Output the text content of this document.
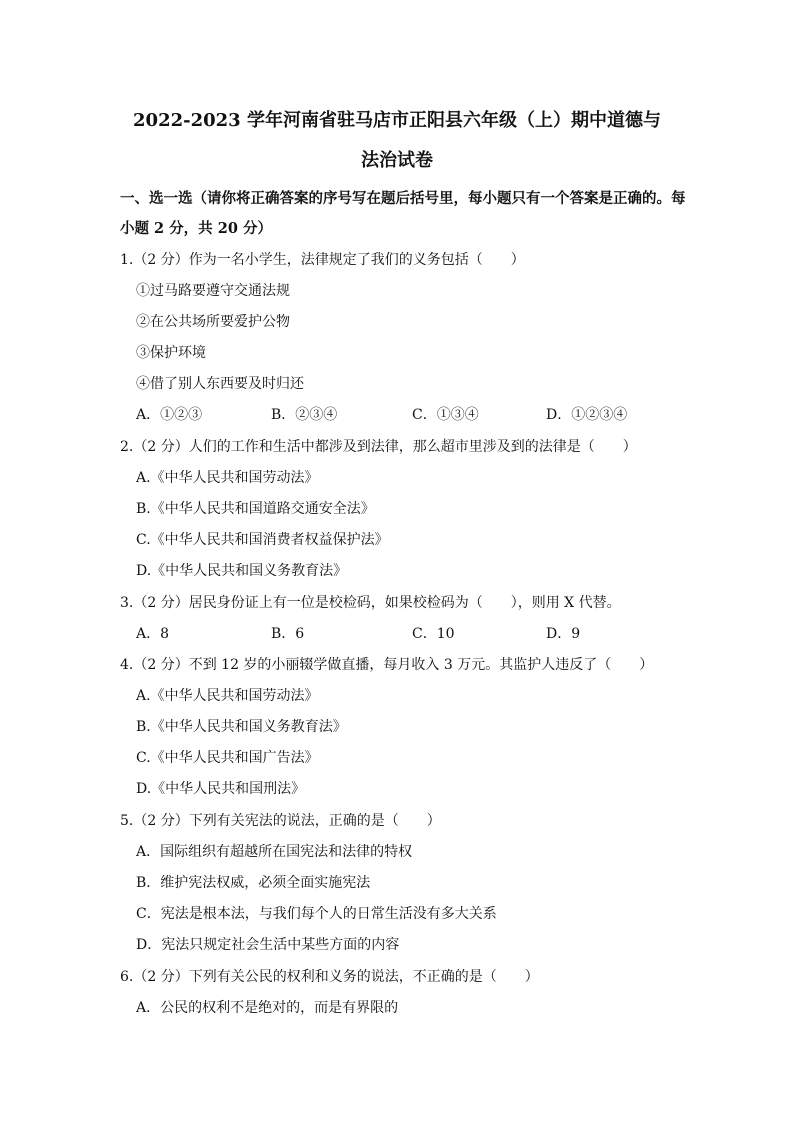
2022-2023 学年河南省驻马店市正阳县六年级（上）期中道德与
法治试卷
一、选一选（请你将正确答案的序号写在题后括号里，每小题只有一个答案是正确的。每
小题 2 分，共 20 分）
1.（2 分）作为一名小学生，法律规定了我们的义务包括（　　）
①过马路要遵守交通法规
②在公共场所要爱护公物
③保护环境
④借了别人东西要及时归还
A．①②③	B．②③④	C．①③④	D．①②③④
2.（2 分）人们的工作和生活中都涉及到法律，那么超市里涉及到的法律是（　　）
A.《中华人民共和国劳动法》
B.《中华人民共和国道路交通安全法》
C.《中华人民共和国消费者权益保护法》
D.《中华人民共和国义务教育法》
3.（2 分）居民身份证上有一位是校检码，如果校检码为（　　），则用 X 代替。
A．8	B．6	C．10	D．9
4.（2 分）不到 12 岁的小丽辍学做直播，每月收入 3 万元。其监护人违反了（　　）
A.《中华人民共和国劳动法》
B.《中华人民共和国义务教育法》
C.《中华人民共和国广告法》
D.《中华人民共和国刑法》
5.（2 分）下列有关宪法的说法，正确的是（　　）
A．国际组织有超越所在国宪法和法律的特权
B．维护宪法权威，必须全面实施宪法
C．宪法是根本法，与我们每个人的日常生活没有多大关系
D．宪法只规定社会生活中某些方面的内容
6.（2 分）下列有关公民的权利和义务的说法，不正确的是（　　）
A．公民的权利不是绝对的，而是有界限的
